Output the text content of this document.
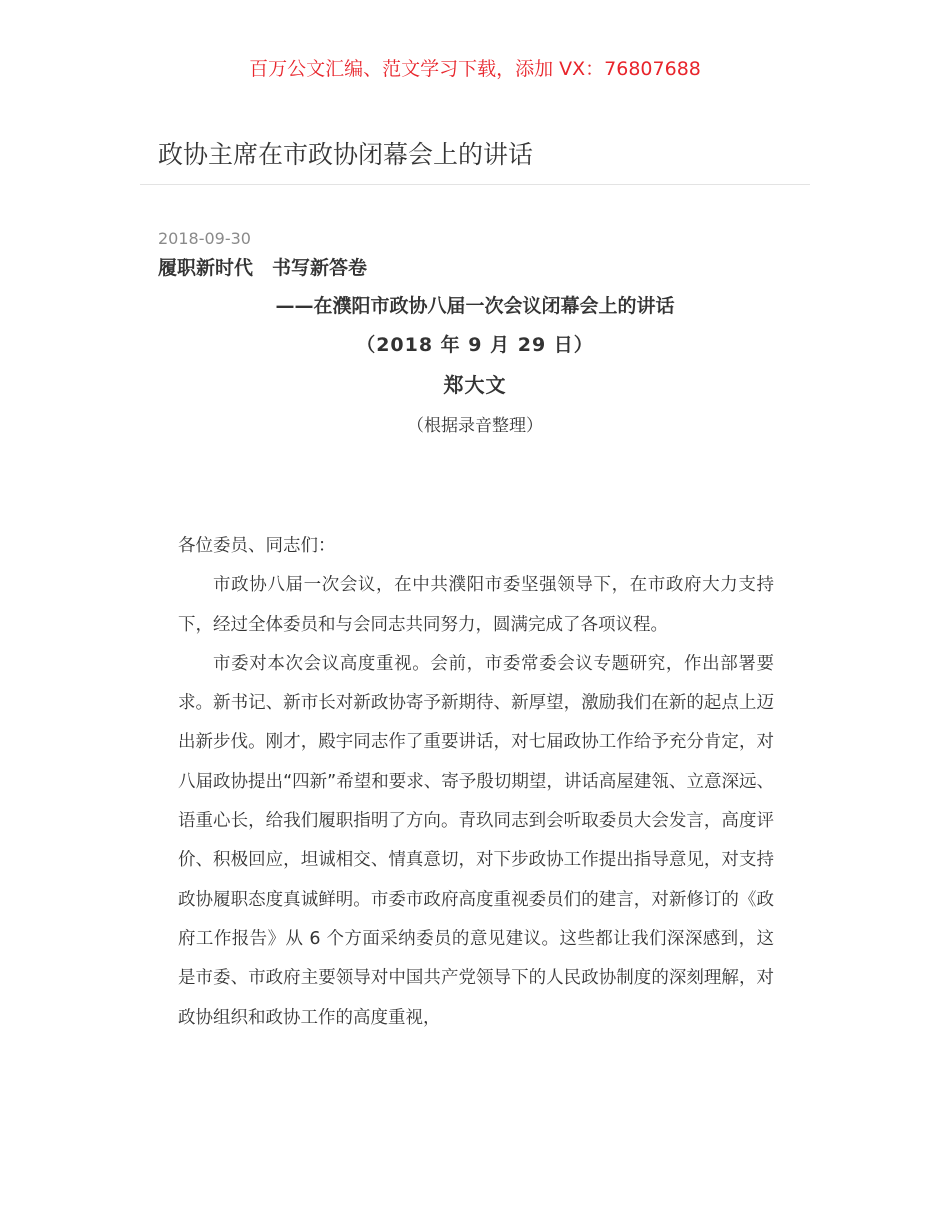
百万公文汇编、范文学习下载，添加 VX：76807688
政协主席在市政协闭幕会上的讲话
2018-09-30
履职新时代　书写新答卷
——在濮阳市政协八届一次会议闭幕会上的讲话
（2018 年 9 月 29 日）
郑大文
（根据录音整理）

各位委员、同志们：

市政协八届一次会议，在中共濮阳市委坚强领导下，在市政府大力支持下，经过全体委员和与会同志共同努力，圆满完成了各项议程。

市委对本次会议高度重视。会前，市委常委会议专题研究，作出部署要求。新书记、新市长对新政协寄予新期待、新厚望，激励我们在新的起点上迈出新步伐。刚才，殿宇同志作了重要讲话，对七届政协工作给予充分肯定，对八届政协提出“四新”希望和要求、寄予殷切期望，讲话高屋建瓴、立意深远、语重心长，给我们履职指明了方向。青玖同志到会听取委员大会发言，高度评价、积极回应，坦诚相交、情真意切，对下步政协工作提出指导意见，对支持政协履职态度真诚鲜明。市委市政府高度重视委员们的建言，对新修订的《政府工作报告》从 6 个方面采纳委员的意见建议。这些都让我们深深感到，这是市委、市政府主要领导对中国共产党领导下的人民政协制度的深刻理解，对政协组织和政协工作的高度重视，
